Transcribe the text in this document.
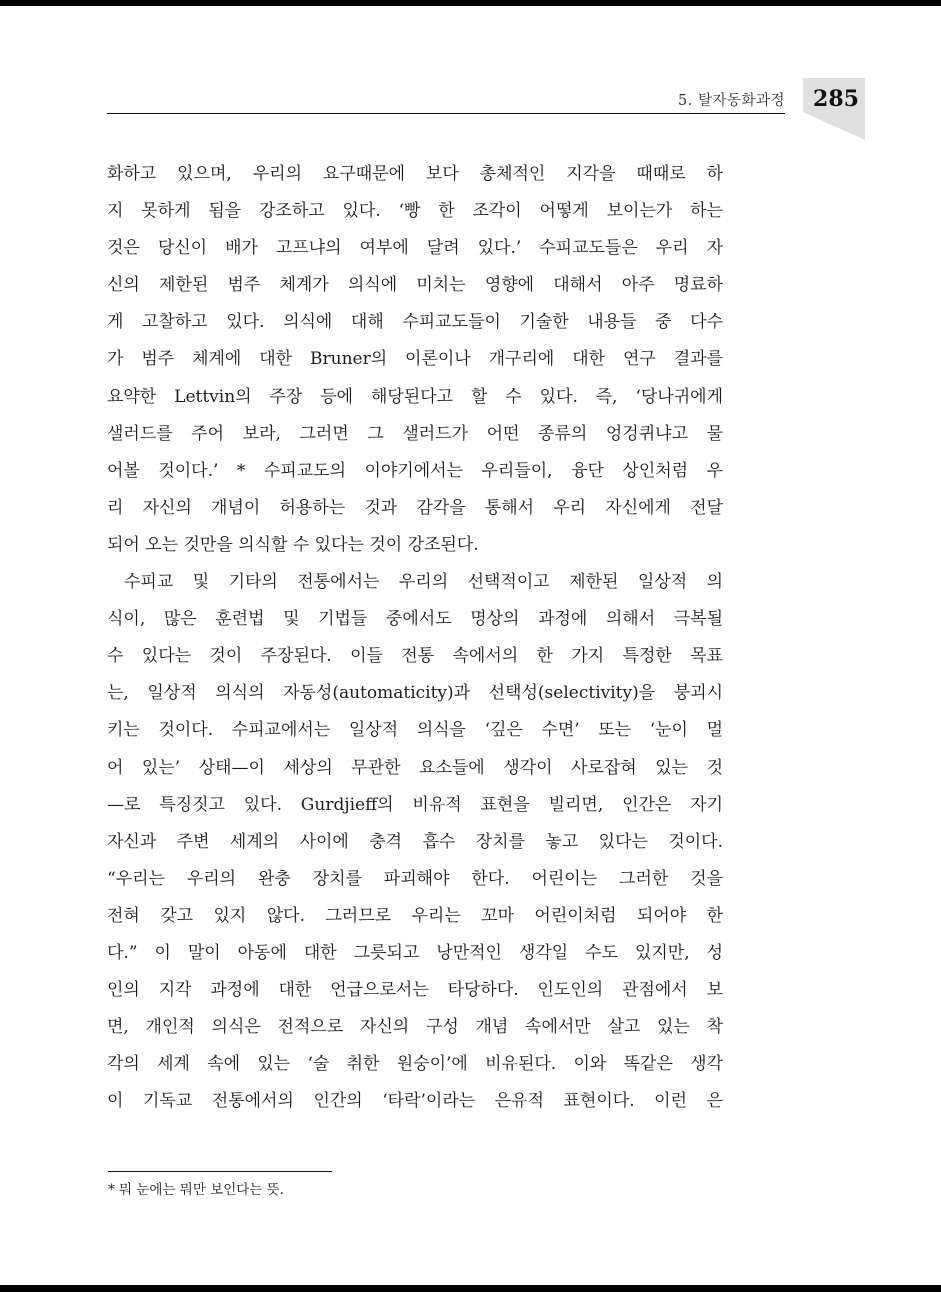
5. 탈자동화과정 285
화하고 있으며, 우리의 요구때문에 보다 총체적인 지각을 때때로 하
지 못하게 됨을 강조하고 있다. ‘빵 한 조각이 어떻게 보이는가 하는
것은 당신이 배가 고프냐의 여부에 달려 있다.’ 수피교도들은 우리 자
신의 제한된 범주 체계가 의식에 미치는 영향에 대해서 아주 명료하
게 고찰하고 있다. 의식에 대해 수피교도들이 기술한 내용들 중 다수
가 범주 체계에 대한 Bruner의 이론이나 개구리에 대한 연구 결과를
요약한 Lettvin의 주장 등에 해당된다고 할 수 있다. 즉, ‘당나귀에게
샐러드를 주어 보라, 그러면 그 샐러드가 어떤 종류의 엉겅퀴냐고 물
어볼 것이다.’ * 수피교도의 이야기에서는 우리들이, 융단 상인처럼 우
리 자신의 개념이 허용하는 것과 감각을 통해서 우리 자신에게 전달
되어 오는 것만을 의식할 수 있다는 것이 강조된다.
수피교 및 기타의 전통에서는 우리의 선택적이고 제한된 일상적 의
식이, 많은 훈련법 및 기법들 중에서도 명상의 과정에 의해서 극복될
수 있다는 것이 주장된다. 이들 전통 속에서의 한 가지 특정한 목표
는, 일상적 의식의 자동성(automaticity)과 선택성(selectivity)을 붕괴시
키는 것이다. 수피교에서는 일상적 의식을 ‘깊은 수면’ 또는 ‘눈이 멀
어 있는’ 상태—이 세상의 무관한 요소들에 생각이 사로잡혀 있는 것
—로 특징짓고 있다. Gurdjieff의 비유적 표현을 빌리면, 인간은 자기
자신과 주변 세계의 사이에 충격 흡수 장치를 놓고 있다는 것이다.
“우리는 우리의 완충 장치를 파괴해야 한다. 어린이는 그러한 것을
전혀 갖고 있지 않다. 그러므로 우리는 꼬마 어린이처럼 되어야 한
다.” 이 말이 아동에 대한 그릇되고 낭만적인 생각일 수도 있지만, 성
인의 지각 과정에 대한 언급으로서는 타당하다. 인도인의 관점에서 보
면, 개인적 의식은 전적으로 자신의 구성 개념 속에서만 살고 있는 착
각의 세계 속에 있는 ‘술 취한 원숭이’에 비유된다. 이와 똑같은 생각
이 기독교 전통에서의 인간의 ‘타락’이라는 은유적 표현이다. 이런 은
* 뭐 눈에는 뭐만 보인다는 뜻.
